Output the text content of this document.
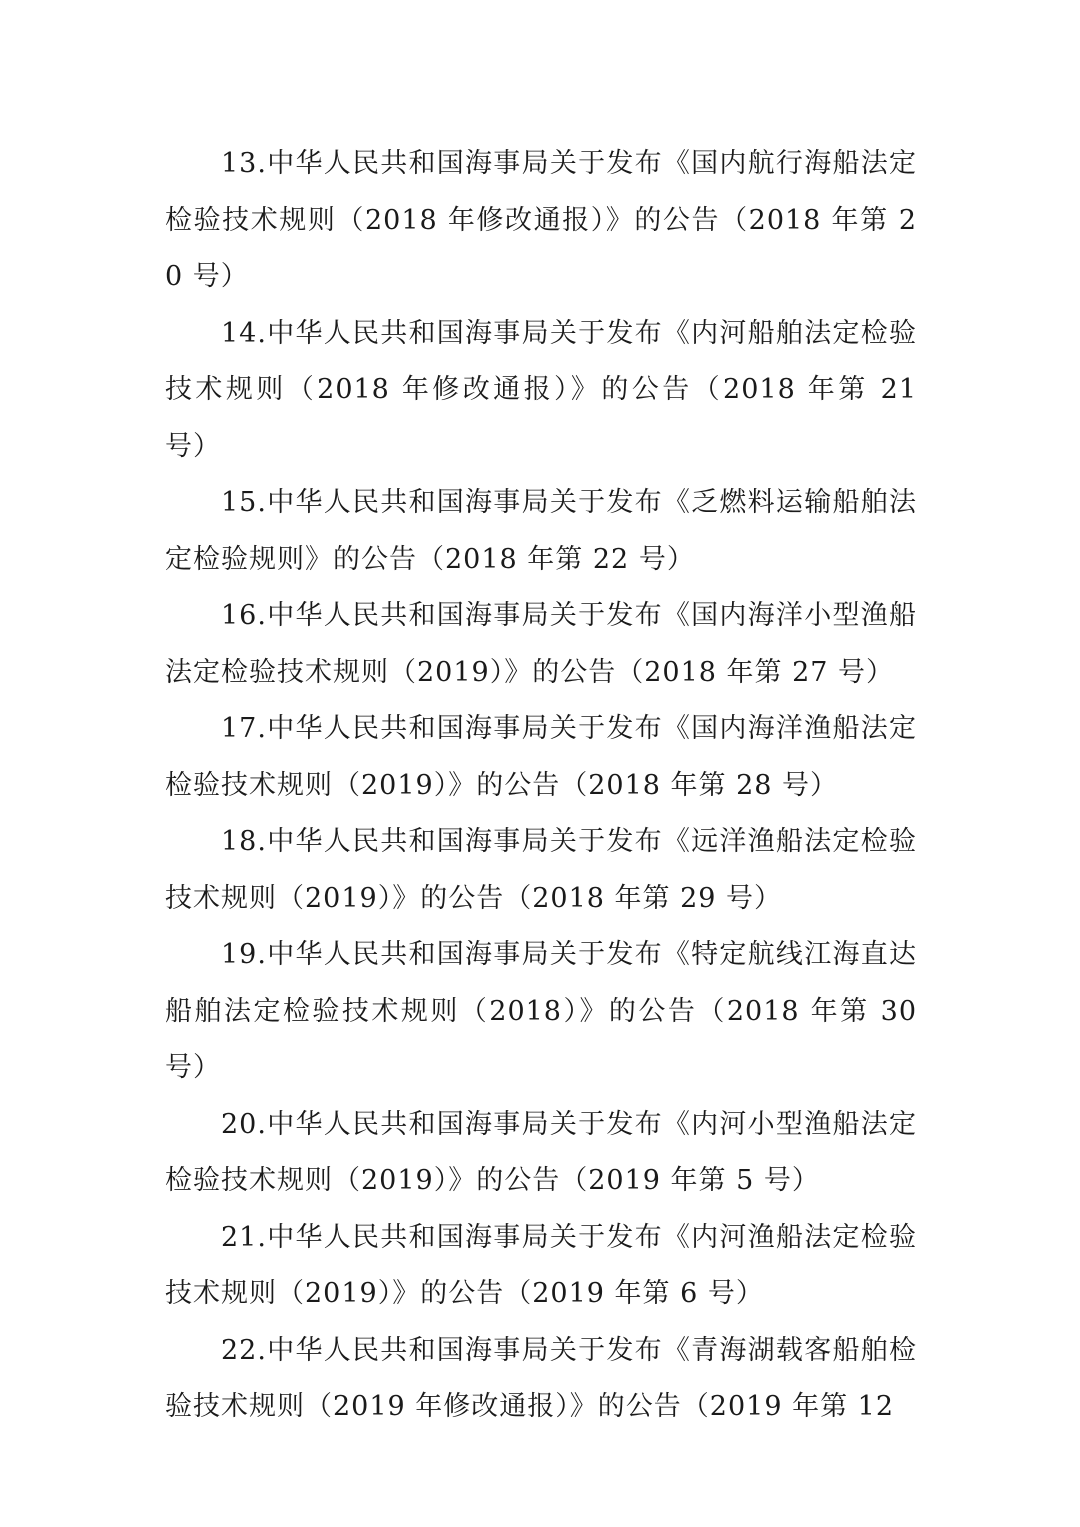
13.中华人民共和国海事局关于发布《国内航行海船法定检验技术规则（2018 年修改通报）》的公告（2018 年第 20 号）

14.中华人民共和国海事局关于发布《内河船舶法定检验技术规则（2018 年修改通报）》的公告（2018 年第 21 号）

15.中华人民共和国海事局关于发布《乏燃料运输船舶法定检验规则》的公告（2018 年第 22 号）

16.中华人民共和国海事局关于发布《国内海洋小型渔船法定检验技术规则（2019）》的公告（2018 年第 27 号）

17.中华人民共和国海事局关于发布《国内海洋渔船法定检验技术规则（2019）》的公告（2018 年第 28 号）

18.中华人民共和国海事局关于发布《远洋渔船法定检验技术规则（2019）》的公告（2018 年第 29 号）

19.中华人民共和国海事局关于发布《特定航线江海直达船舶法定检验技术规则（2018）》的公告（2018 年第 30 号）

20.中华人民共和国海事局关于发布《内河小型渔船法定检验技术规则（2019）》的公告（2019 年第 5 号）

21.中华人民共和国海事局关于发布《内河渔船法定检验技术规则（2019）》的公告（2019 年第 6 号）

22.中华人民共和国海事局关于发布《青海湖载客船舶检验技术规则（2019 年修改通报）》的公告（2019 年第 12
